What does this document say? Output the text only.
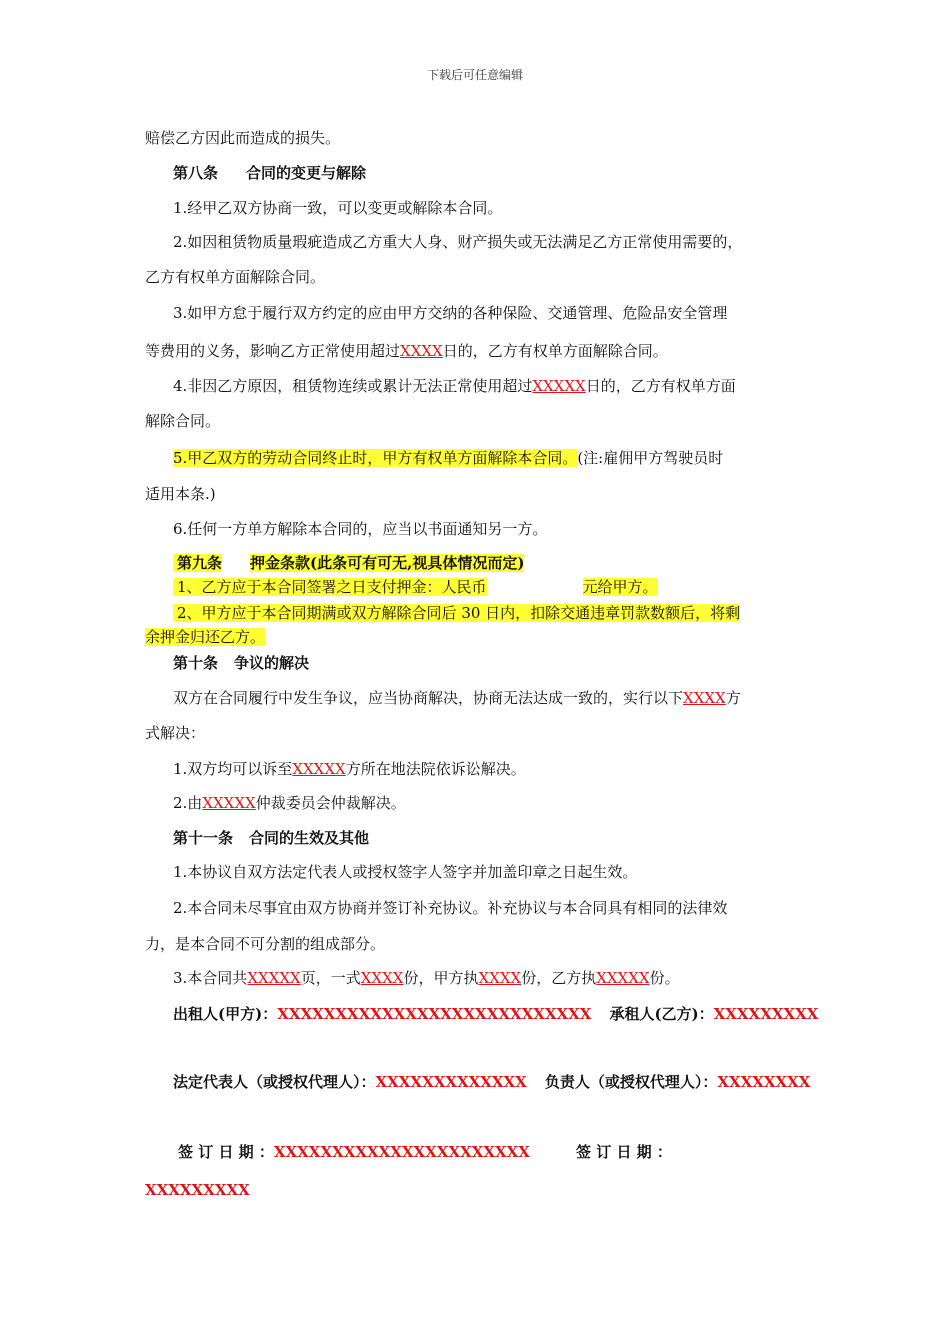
下载后可任意编辑
赔偿乙方因此而造成的损失。
第八条 合同的变更与解除
1.经甲乙双方协商一致，可以变更或解除本合同。
2.如因租赁物质量瑕疵造成乙方重大人身、财产损失或无法满足乙方正常使用需要的，
乙方有权单方面解除合同。
3.如甲方怠于履行双方约定的应由甲方交纳的各种保险、交通管理、危险品安全管理
等费用的义务，影响乙方正常使用超过XXXX日的，乙方有权单方面解除合同。
4.非因乙方原因，租赁物连续或累计无法正常使用超过XXXXX日的，乙方有权单方面
解除合同。
5.甲乙双方的劳动合同终止时，甲方有权单方面解除本合同。(注:雇佣甲方驾驶员时
适用本条.)
6.任何一方单方解除本合同的，应当以书面通知另一方。
第九条 押金条款(此条可有可无,视具体情况而定)
1、乙方应于本合同签署之日支付押金：人民币	元给甲方。
2、甲方应于本合同期满或双方解除合同后 30 日内，扣除交通违章罚款数额后，将剩
余押金归还乙方。
第十条 争议的解决
双方在合同履行中发生争议，应当协商解决，协商无法达成一致的，实行以下XXXX方
式解决：
1.双方均可以诉至XXXXX方所在地法院依诉讼解决。
2.由XXXXX仲裁委员会仲裁解决。
第十一条 合同的生效及其他
1.本协议自双方法定代表人或授权签字人签字并加盖印章之日起生效。
2.本合同未尽事宜由双方协商并签订补充协议。补充协议与本合同具有相同的法律效
力，是本合同不可分割的组成部分。
3.本合同共XXXXX页，一式XXXX份，甲方执XXXX份，乙方执XXXXX份。
出租人(甲方)：XXXXXXXXXXXXXXXXXXXXXXXXXXX 承租人(乙方)：XXXXXXXXX
法定代表人（或授权代理人）：XXXXXXXXXXXXX 负责人（或授权代理人）：XXXXXXXX
签 订 日 期 ：XXXXXXXXXXXXXXXXXXXXXX	签 订 日 期 ：
XXXXXXXXX
